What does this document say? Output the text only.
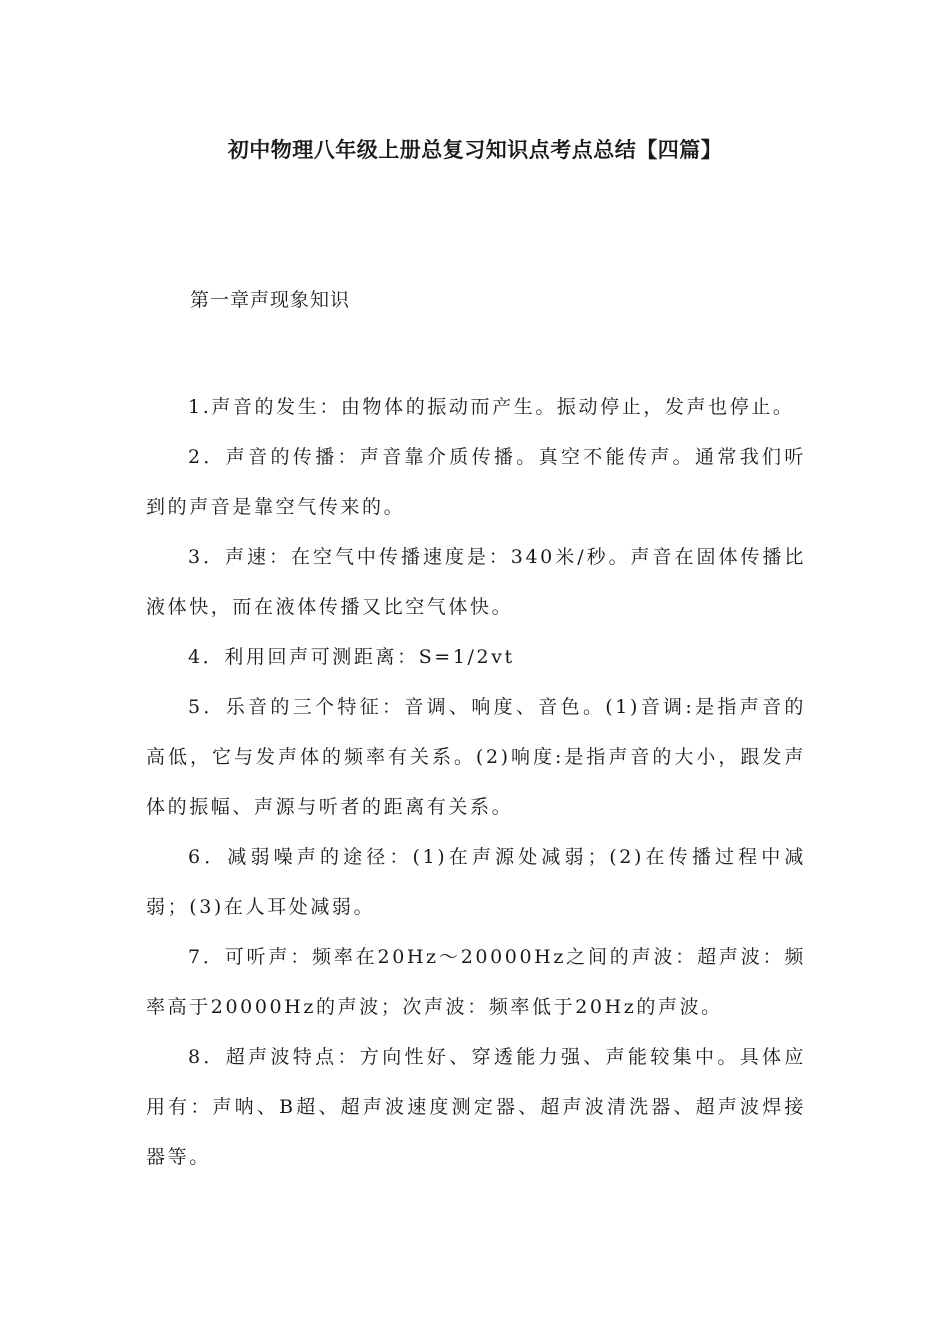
初中物理八年级上册总复习知识点考点总结【四篇】
第一章声现象知识

1.声音的发生：由物体的振动而产生。振动停止，发声也停止。

2．声音的传播：声音靠介质传播。真空不能传声。通常我们听到的声音是靠空气传来的。

3．声速：在空气中传播速度是：340米/秒。声音在固体传播比液体快，而在液体传播又比空气体快。

4．利用回声可测距离：S=1/2vt

5．乐音的三个特征：音调、响度、音色。(1)音调:是指声音的高低，它与发声体的频率有关系。(2)响度:是指声音的大小，跟发声体的振幅、声源与听者的距离有关系。

6．减弱噪声的途径：(1)在声源处减弱；(2)在传播过程中减弱；(3)在人耳处减弱。

7．可听声：频率在20Hz～20000Hz之间的声波：超声波：频率高于20000Hz的声波；次声波：频率低于20Hz的声波。

8．超声波特点：方向性好、穿透能力强、声能较集中。具体应用有：声呐、B超、超声波速度测定器、超声波清洗器、超声波焊接器等。
